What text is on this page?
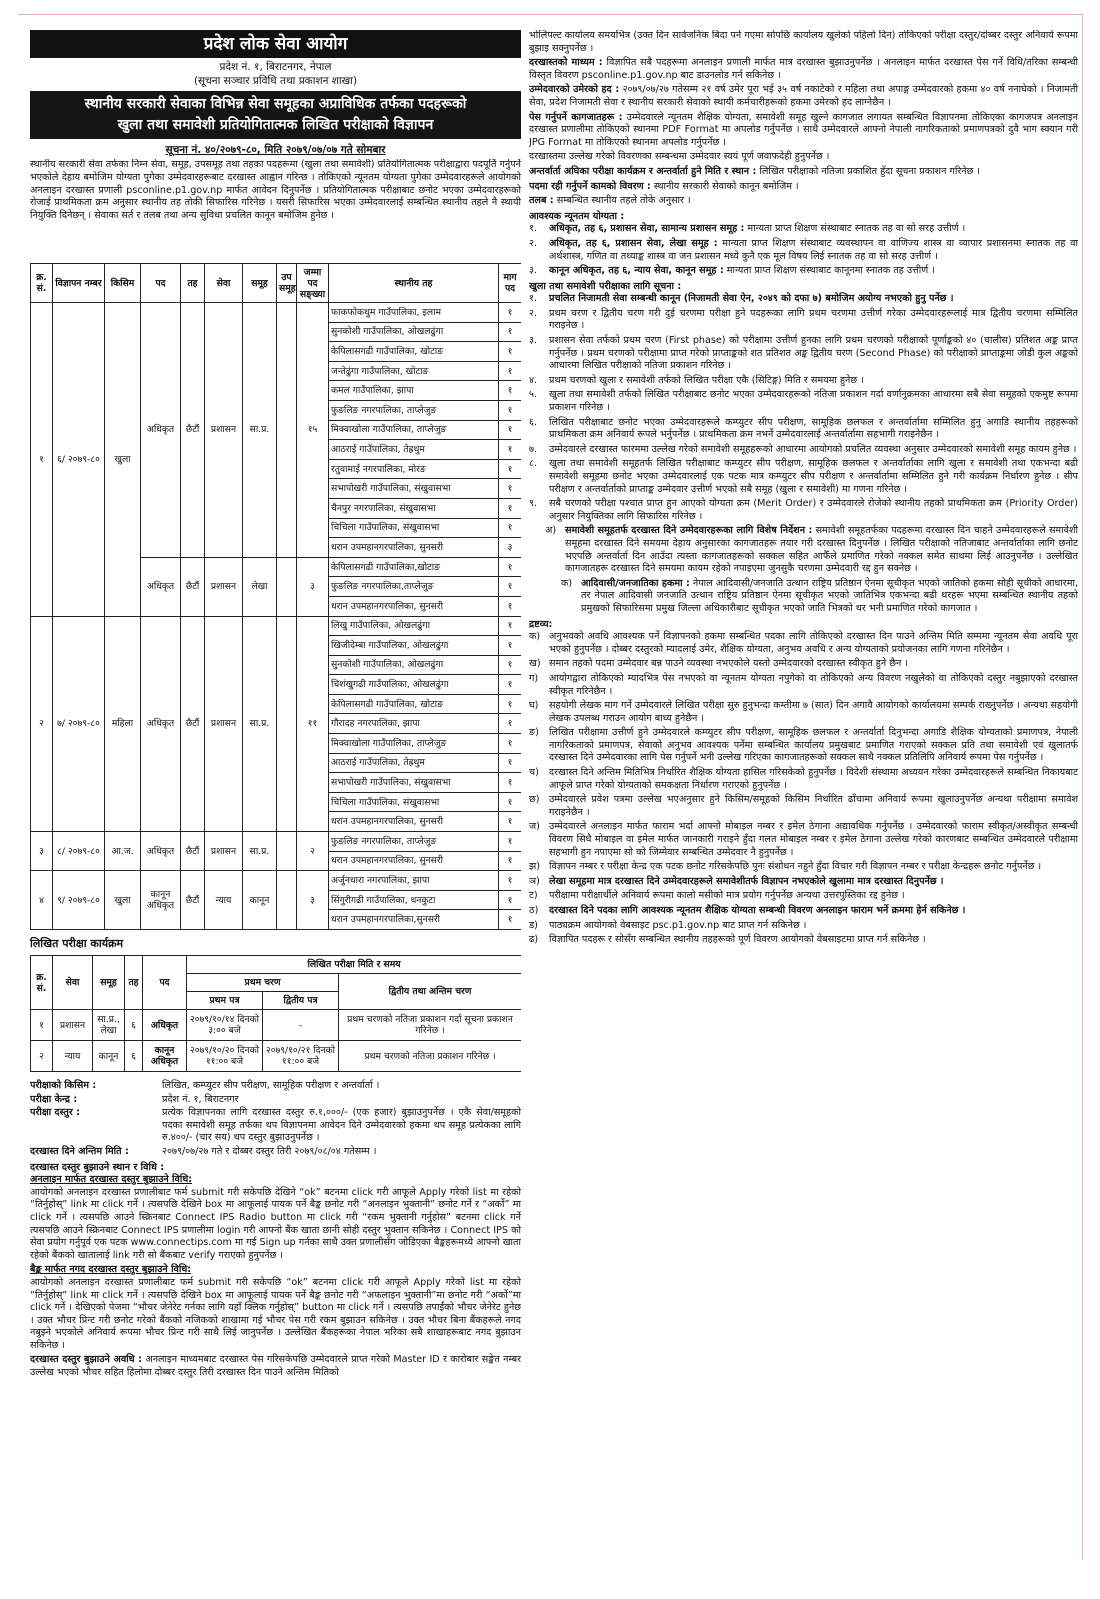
प्रदेश लोक सेवा आयोग
प्रदेश नं. १, बिराटनगर, नेपाल
(सूचना सञ्चार प्रविधि तथा प्रकाशन शाखा)
स्थानीय सरकारी सेवाका विभिन्न सेवा समूहका अप्राविधिक तर्फका पदहरूको
खुला तथा समावेशी प्रतियोगितात्मक लिखित परीक्षाको विज्ञापन
सूचना नं. ४०/२०७९-८०, मिति २०७९/०७/०७ गते सोमबार
स्थानीय सरकारी सेवा तर्फका निम्न सेवा, समूह, उपसमूह तथा तहका पदहरूमा (खुला तथा समावेशी) प्रतियोगितात्मक परीक्षाद्वारा पदपूर्ति गर्नुपर्ने भएकोले देहाय बमोजिम योग्यता पुगेका उम्मेदवारहरूबाट दरखास्त आह्वान गरिन्छ । तोकिएको न्यूनतम योग्यता पुगेका उम्मेदवारहरूले आयोगको अनलाइन दरखास्त प्रणाली psconline.p1.gov.np मार्फत आवेदन दिनुपर्नेछ । प्रतियोगितात्मक परीक्षाबाट छनोट भएका उम्मेदवारहरूको रोजाई प्राथमिकता क्रम अनुसार स्थानीय तह तोकी सिफारिस गरिनेछ । यसरी सिफारिस भएका उम्मेदवारलाई सम्बन्धित स्थानीय तहले नै स्थायी नियुक्ति दिनेछन् । सेवाका सर्त र तलब तथा अन्य सुविधा प्रचलित कानून बमोजिम हुनेछ ।
क्र. सं.	विज्ञापन नम्बर	किसिम	पद	तह	सेवा	समूह	उप समूह	जम्मा पद सङ्ख्या	स्थानीय तह	माग पद
१	६/ २०७९-८०	खुला	अधिकृत	छैटौं	प्रशासन	सा.प्र.		१५	फाकफोकथुम गाउँपालिका, इलाम	१
									सुनकोशी गाउँपालिका, ओखलढुंगा	१
									केपिलासगढी गाउँपालिका, खोटाङ	१
									जन्तेढुंगा गाउँपालिका, खोटाङ	१
									कमल गाउँपालिका, झापा	१
									फुङलिङ नगरपालिका, ताप्लेजुङ	१
									मिक्वाखोला गाउँपालिका, ताप्लेजुङ	१
									आठराई गाउँपालिका, तेह्रथुम	१
									रतुवामाई नगरपालिका, मोरङ	१
									सभापोखरी गाउँपालिका, संखुवासभा	१
									चैनपुर नगरपालिका, संखुवासभा	१
									चिचिला गाउँपालिका, संखुवासभा	१
									धरान उपमहानगरपालिका, सुनसरी	३
			अधिकृत	छैटौं	प्रशासन	लेखा		३	केपिलासगढी गाउँपालिका,खोटाङ	१
									फुङलिङ नगरपालिका,ताप्लेजुङ	१
									धरान उपमहानगरपालिका, सुनसरी	१
२	७/ २०७९-८०	महिला	अधिकृत	छैटौं	प्रशासन	सा.प्र.		११	लिखु गाउँपालिका, ओखलढुंगा	१
									खिजीदेम्बा गाउँपालिका, ओखलढुंगा	१
									सुनकोशी गाउँपालिका, ओखलढुंगा	१
									चिशंखुगढी गाउँपालिका, ओखलढुंगा	१
									केपिलासगढी गाउँपालिका, खोटाङ	१
									गौरादह नगरपालिका, झापा	१
									मिक्वाखोला गाउँपालिका, ताप्लेजुङ	१
									आठराई गाउँपालिका, तेह्रथुम	१
									सभापोखरी गाउँपालिका, संखुवासभा	१
									चिचिला गाउँपालिका, संखुवासभा	१
									धरान उपमहानगरपालिका, सुनसरी	१
३	८/ २०७९-८०	आ.ज.	अधिकृत	छैटौं	प्रशासन	सा.प्र.		२	फुङलिङ नगरपालिका, ताप्लेजुङ	१
									धरान उपमहानगरपालिका, सुनसरी	१
४	९/ २०७९-८०	खुला	कानून अधिकृत	छैटौं	न्याय	कानून		३	अर्जुनधारा नगरपालिका, झापा	१
									सिंगुरीगढी गाउँपालिका, धनकुटा	१
									धरान उपमहानगरपालिका,सुनसरी	१
लिखित परीक्षा कार्यक्रम
क्र. सं.	सेवा	समूह	तह	पद	लिखित परीक्षा मिति र समय		
					प्रथम चरण		द्वितीय तथा अन्तिम चरण
					प्रथम पत्र	द्वितीय पत्र	
१	प्रशासन	सा.प्र., लेखा	६	अधिकृत	२०७९/१०/१४ दिनको ३:०० बजे	-	प्रथम चरणको नतिजा प्रकाशन गर्दा सूचना प्रकाशन गरिनेछ ।
२	न्याय	कानून	६	कानून अधिकृत	२०७९/१०/२० दिनको ११:०० बजे	२०७९/१०/२१ दिनको ११:०० बजे	प्रथम चरणको नतिजा प्रकाशन गरिनेछ ।
परीक्षाको किसिम :	लिखित, कम्प्युटर सीप परीक्षण, सामूहिक परीक्षण र अन्तर्वार्ता ।
परीक्षा केन्द्र :	प्रदेश नं. १, बिराटनगर
परीक्षा दस्तुर :	प्रत्येक विज्ञापनका लागि दरखास्त दस्तुर रु.१,०००/- (एक हजार) बुझाउनुपर्नेछ । एकै सेवा/समूहको पदका समावेशी समूह तर्फका थप विज्ञापनमा आवेदन दिने उम्मेदवारको हकमा थप समूह प्रत्येकका लागि रु.४००/- (चार सय) थप दस्तुर बुझाउनुपर्नेछ ।
दरखास्त दिने अन्तिम मिति :	२०७९/०७/२७ गते र दोब्बर दस्तुर तिरी २०७९/०८/०४ गतेसम्म ।
दरखास्त दस्तुर बुझाउने स्थान र विधि :
अनलाइन मार्फत दरखास्त दस्तुर बुझाउने विधि:
आयोगको अनलाइन दरखास्त प्रणालीबाट फर्म submit गरी सकेपछि देखिने “ok” बटनमा click गरी आफूले Apply गरेको list मा रहेको “तिर्नुहोस्” link मा click गर्ने । त्यसपछि देखिने box मा आफूलाई पायक पर्ने बैङ्क छनोट गरी “अनलाइन भुक्तानी” छनोट गर्ने र “अर्को” मा click गर्ने । त्यसपछि आउने स्क्रिनबाट Connect IPS Radio button मा click गरी “रकम भुक्तानी गर्नुहोस” बटनमा click गर्ने त्यसपछि आउने स्क्रिनबाट Connect IPS प्रणालीमा login गरी आफ्नो बैंक खाता छानी सोही दस्तुर भुक्तान सकिनेछ । Connect IPS को सेवा प्रयोग गर्नुपूर्व एक पटक www.connectips.com मा गई Sign up गर्नका साथै उक्त प्रणालीसँग जोडिएका बैङ्कहरूमध्ये आफ्नो खाता रहेको बैंकको खातालाई link गरी सो बैंकबाट verify गराएको हुनुपर्नेछ ।
बैङ्क मार्फत नगद दरखास्त दस्तुर बुझाउने विधि:
आयोगको अनलाइन दरखास्त प्रणालीबाट फर्म submit गरी सकेपछि “ok” बटनमा click गरी आफूले Apply गरेको list मा रहेको “तिर्नुहोस्” link मा click गर्ने । त्यसपछि देखिने box मा आफूलाई पायक पर्ने बैङ्क छनोट गरी “अफलाइन भुक्तानी”मा छनोट गरी “अर्को”मा click गर्ने । देखिएको पेजमा “भौचर जेनेरेट गर्नका लागि यहाँ क्लिक गर्नुहोस्” button मा click गर्ने । त्यसपछि तपाईंको भौचर जेनेरेट हुनेछ । उक्त भौचर प्रिन्ट गरी छनोट गरेको बैंकको नजिकको शाखामा गई भौचर पेस गरी रकम बुझाउन सकिनेछ । उक्त भौचर बिना बैंकहरूले नगद नबुझ्ने भएकोले अनिवार्य रूपमा भौचर प्रिन्ट गरी साथै लिई जानुपर्नेछ । उल्लेखित बैंकहरूका नेपाल भरिका सबै शाखाहरूबाट नगद बुझाउन सकिनेछ ।
दरखास्त दस्तुर बुझाउने अवधि : अनलाइन माध्यमबाट दरखास्त पेस गरिसकेपछि उम्मेदवारले प्राप्त गरेको Master ID र कारोबार सङ्केत नम्बर उल्लेख भएको भौचर सहित हिलोमा दोब्बर दस्तुर तिरी दरखास्त दिन पाउने अन्तिम मितिको
भोलिपल्ट कार्यालय समयभित्र (उक्त दिन सार्वजनिक बिदा पर्न गएमा सोपछि कार्यालय खुलेको पहिलो दिन) तोकिएको परीक्षा दस्तुर/दोब्बर दस्तुर अनिवार्य रूपमा बुझाइ सक्नुपर्नेछ ।
दरखास्तको माध्यम : विज्ञापित सबै पदहरूमा अनलाइन प्रणाली मार्फत मात्र दरखास्त बुझाउनुपर्नेछ । अनलाइन मार्फत दरखास्त पेस गर्ने विधि/तरिका सम्बन्धी विस्तृत विवरण psconline.p1.gov.np बाट डाउनलोड गर्न सकिनेछ ।
उम्मेदवारको उमेरको हद : २०७९/०७/२७ गतेसम्म २१ वर्ष उमेर पूरा भई ३५ वर्ष नकाटेको र महिला तथा अपाङ्ग उम्मेदवारको हकमा ४० वर्ष ननाघेको । निजामती सेवा, प्रदेश निजामती सेवा र स्थानीय सरकारी सेवाको स्थायी कर्मचारीहरूको हकमा उमेरको हद लाग्नेछैन ।
पेस गर्नुपर्ने कागजातहरू : उम्मेदवारले न्यूनतम शैक्षिक योग्यता, समावेशी समूह खुल्ने कागजात लगायत सम्बन्धित विज्ञापनमा तोकिएका कागजपत्र अनलाइन दरखास्त प्रणालीमा तोकिएको स्थानमा PDF Format मा अपलोड गर्नुपर्नेछ । साथै उम्मेदवारले आफ्नो नेपाली नागरिकताको प्रमाणपत्रको दुवै भाग स्क्यान गरी JPG Format मा तोकिएको स्थानमा अपलोड गर्नुपर्नेछ ।
दरखास्तमा उल्लेख गरेको विवरणका सम्बन्धमा उम्मेदवार स्वयं पूर्ण जवाफदेही हुनुपर्नेछ ।
अन्तर्वार्ता अघिका परीक्षा कार्यक्रम र अन्तर्वार्ता हुने मिति र स्थान : लिखित परीक्षाको नतिजा प्रकाशित हुँदा सूचना प्रकाशन गरिनेछ ।
पदमा रही गर्नुपर्ने कामको विवरण : स्थानीय सरकारी सेवाको कानून बमोजिम ।
तलब : सम्बन्धित स्थानीय तहले तोके अनुसार ।
आवश्यक न्यूनतम योग्यता :
१.	अधिकृत, तह ६, प्रशासन सेवा, सामान्य प्रशासन समूह : मान्यता प्राप्त शिक्षण संस्थाबाट स्नातक तह वा सो सरह उत्तीर्ण ।
२.	अधिकृत, तह ६, प्रशासन सेवा, लेखा समूह : मान्यता प्राप्त शिक्षण संस्थाबाट व्यवस्थापन वा वाणिज्य शास्त्र वा व्यापार प्रशासनमा स्नातक तह वा अर्थशास्त्र, गणित वा तथ्याङ्क शास्त्र वा जन प्रशासन मध्ये कुनै एक मूल विषय लिई स्नातक तह वा सो सरह उत्तीर्ण ।
३.	कानून अधिकृत, तह ६, न्याय सेवा, कानून समूह : मान्यता प्राप्त शिक्षण संस्थाबाट कानूनमा स्नातक तह उत्तीर्ण ।
खुला तथा समावेशी परीक्षाका लागि सूचना :
१.	प्रचलित निजामती सेवा सम्बन्धी कानून (निजामती सेवा ऐन, २०४९ को दफा ७) बमोजिम अयोग्य नभएको हुनु पर्नेछ ।
२.	प्रथम चरण र द्वितीय चरण गरी दुई चरणमा परीक्षा हुने पदहरूका लागि प्रथम चरणमा उत्तीर्ण गरेका उम्मेदवारहरूलाई मात्र द्वितीय चरणमा सम्मिलित गराइनेछ ।
३.	प्रशासन सेवा तर्फको प्रथम चरण (First phase) को परीक्षामा उत्तीर्ण हुनका लागि प्रथम चरणको परीक्षाको पूर्णाङ्कको ४० (चालीस) प्रतिशत अङ्क प्राप्त गर्नुपर्नेछ । प्रथम चरणको परीक्षामा प्राप्त गरेको प्राप्ताङ्कको शत प्रतिशत अङ्क द्वितीय चरण (Second Phase) को परीक्षाको प्राप्ताङ्कमा जोडी कुल अङ्कको आधारमा लिखित परीक्षाको नतिजा प्रकाशन गरिनेछ ।
४.	प्रथम चरणको खुला र समावेशी तर्फको लिखित परीक्षा एकै (सिटिङ्ग) मिति र समयमा हुनेछ ।
५.	खुला तथा समावेशी तर्फको लिखित परीक्षाबाट छनोट भएका उम्मेदवारहरूको नतिजा प्रकाशन गर्दा वर्णानुक्रमका आधारमा सबै सेवा समूहको एकमुष्ट रूपमा प्रकाशन गरिनेछ ।
६.	लिखित परीक्षाबाट छनोट भएका उम्मेदवारहरूले कम्प्युटर सीप परीक्षण, सामूहिक छलफल र अन्तर्वार्तामा सम्मिलित हुनु अगाडि स्थानीय तहहरूको प्राथमिकता क्रम अनिवार्य रूपले भर्नुपर्नेछ । प्राथमिकता क्रम नभर्ने उम्मेदवारलाई अन्तर्वार्तामा सहभागी गराइनेछैन ।
७.	उम्मेदवारले दरखास्त फारममा उल्लेख गरेको समावेशी समूहहरूको आधारमा आयोगको प्रचलित व्यवस्था अनुसार उम्मेदवारको समावेशी समूह कायम हुनेछ ।
८.	खुला तथा समावेशी समूहतर्फ लिखित परीक्षाबाट कम्प्युटर सीप परीक्षण, सामूहिक छलफल र अन्तर्वार्ताका लागि खुला र समावेशी तथा एकभन्दा बढी समावेशी समूहमा छनोट भएका उम्मेदवारलाई एक पटक मात्र कम्प्युटर सीप परीक्षण र अन्तर्वार्तामा सम्मिलित हुने गरी कार्यक्रम निर्धारण हुनेछ । सीप परीक्षण र अन्तर्वार्ताको प्राप्ताङ्क उम्मेदवार उत्तीर्ण भएको सबै समूह (खुला र समावेशी) मा गणना गरिनेछ ।
९.	सबै चरणको परीक्षा पश्चात प्राप्त हुन आएको योग्यता क्रम (Merit Order) र उम्मेदवारले रोजेको स्थानीय तहको प्राथमिकता क्रम (Priority Order) अनुसार नियुक्तिका लागि सिफारिस गरिनेछ ।
अ) समावेशी समूहतर्फ दरखास्त दिने उम्मेदवारहरूका लागि विशेष निर्देशन : समावेशी समूहतर्फका पदहरूमा दरखास्त दिन चाहने उम्मेदवारहरूले समावेशी समूहमा दरखास्त दिने समयमा देहाय अनुसारका कागजातहरू तयार गरी दरखास्त दिनुपर्नेछ । लिखित परीक्षाको नतिजाबाट अन्तर्वार्ताका लागि छनोट भएपछि अन्तर्वार्ता दिन आउँदा त्यस्ता कागजातहरूको सक्कल सहित आफैँले प्रमाणित गरेको नक्कल समेत साथमा लिई आउनुपर्नेछ । उल्लेखित कागजातहरू दरखास्त दिने समयमा कायम रहेको नपाइएमा जुनसुकै चरणमा उम्मेदवारी रद्द हुन सक्नेछ ।
क) आदिवासी/जनजातिका हकमा : नेपाल आदिवासी/जनजाति उत्थान राष्ट्रिय प्रतिष्ठान ऐनमा सूचीकृत भएको जातिको हकमा सोही सूचीको आधारमा, तर नेपाल आदिवासी जनजाति उत्थान राष्ट्रिय प्रतिष्ठान ऐनमा सूचीकृत भएको जातिभित्र एकभन्दा बढी थरहरू भएमा सम्बन्धित स्थानीय तहको प्रमुखको सिफारिसमा प्रमुख जिल्ला अधिकारीबाट सूचीकृत भएको जाति भित्रको थर भनी प्रमाणित गरेको कागजात ।
द्रष्टव्य:
क) अनुभवको अवधि आवश्यक पर्ने विज्ञापनको हकमा सम्बन्धित पदका लागि तोकिएको दरखास्त दिन पाउने अन्तिम मिति सम्ममा न्यूनतम सेवा अवधि पूरा भएको हुनुपर्नेछ । दोब्बर दस्तुरको म्यादलाई उमेर, शैक्षिक योग्यता, अनुभव अवधि र अन्य योग्यताको प्रयोजनका लागि गणना गरिनेछैन ।
ख) समान तहको पदमा उम्मेदवार बन्न पाउने व्यवस्था नभएकोले यस्तो उम्मेदवारको दरखास्त स्वीकृत हुने छैन ।
ग)	आयोगद्वारा तोकिएको म्यादभित्र पेस नभएको वा न्यूनतम योग्यता नपुगेको वा तोकिएको अन्य विवरण नखुलेको वा तोकिएको दस्तुर नबुझाएको दरखास्त स्वीकृत गरिनेछैन ।
घ)	सहयोगी लेखक माग गर्ने उम्मेदवारले लिखित परीक्षा सुरु हुनुभन्दा कम्तीमा ७ (सात) दिन अगावै आयोगको कार्यालयमा सम्पर्क राख्नुपर्नेछ । अन्यथा सहयोगी लेखक उपलब्ध गराउन आयोग बाध्य हुनेछैन ।
ङ)	लिखित परीक्षामा उत्तीर्ण हुने उम्मेदवारले कम्प्युटर सीप परीक्षण, सामूहिक छलफल र अन्तर्वार्ता दिनुभन्दा अगाडि शैक्षिक योग्यताको प्रमाणपत्र, नेपाली नागरिकताको प्रमाणपत्र, सेवाको अनुभव आवश्यक पर्नेमा सम्बन्धित कार्यालय प्रमुखबाट प्रमाणित गराएको सक्कल प्रति तथा समावेशी एवं खुलातर्फ दरखास्त दिने उम्मेदवारका लागि पेस गर्नुपर्ने भनी उल्लेख गरिएका कागजातहरूको सक्कल साथै नक्कल प्रतिलिपि अनिवार्य रूपमा पेस गर्नुपर्नेछ ।
च)	दरखास्त दिने अन्तिम मितिभित्र निर्धारित शैक्षिक योग्यता हासिल गरिसकेको हुनुपर्नेछ । विदेशी संस्थामा अध्ययन गरेका उम्मेदवारहरूले सम्बन्धित निकायबाट आफूले प्राप्त गरेको योग्यताको समकक्षता निर्धारण गराएको हुनुपर्नेछ ।
छ) उम्मेदवारले प्रवेश पत्रमा उल्लेख भएअनुसार हुने किसिम/समूहको किसिम निर्धारित ढाँचामा अनिवार्य रूपमा खुलाउनुपर्नेछ अन्यथा परीक्षामा समावेश गराइनेछैन ।
ज) उम्मेदवारले अनलाइन मार्फत फाराम भर्दा आफ्नो मोबाइल नम्बर र इमेल ठेगाना अद्यावधिक गर्नुपर्नेछ । उम्मेदवारको फाराम स्वीकृत/अस्वीकृत सम्बन्धी विवरण सिधै मोबाइल वा इमेल मार्फत जानकारी गराइने हुँदा गलत मोबाइल नम्बर र इमेल ठेगाना उल्लेख गरेको कारणबाट सम्बन्धित उम्मेदवारले परीक्षामा सहभागी हुन नपाएमा सो को जिम्मेवार सम्बन्धित उम्मेदवार नै हुनुपर्नेछ ।
झ) विज्ञापन नम्बर र परीक्षा केन्द्र एक पटक छनोट गरिसकेपछि पुनः संशोधन नहुने हुँदा विचार गरी विज्ञापन नम्बर र परीक्षा केन्द्रहरू छनोट गर्नुपर्नेछ ।
ञ) लेखा समूहमा मात्र दरखास्त दिने उम्मेदवारहरूले समावेशीतर्फ विज्ञापन नभएकोले खुलामा मात्र दरखास्त दिनुपर्नेछ ।
ट)	परीक्षामा परीक्षार्थीले अनिवार्य रूपमा कालो मसीको मात्र प्रयोग गर्नुपर्नेछ अन्यथा उत्तरपुस्तिका रद्द हुनेछ ।
ठ)	दरखास्त दिने पदका लागि आवश्यक न्यूनतम शैक्षिक योग्यता सम्बन्धी विवरण अनलाइन फाराम भर्ने क्रममा हेर्न सकिनेछ ।
ड)	पाठ्यक्रम आयोगको वेबसाइट psc.p1.gov.np बाट प्राप्त गर्न सकिनेछ ।
ढ)	विज्ञापित पदहरू र सोसँग सम्बन्धित स्थानीय तहहरूको पूर्ण विवरण आयोगको वेबसाइटमा प्राप्त गर्न सकिनेछ ।
